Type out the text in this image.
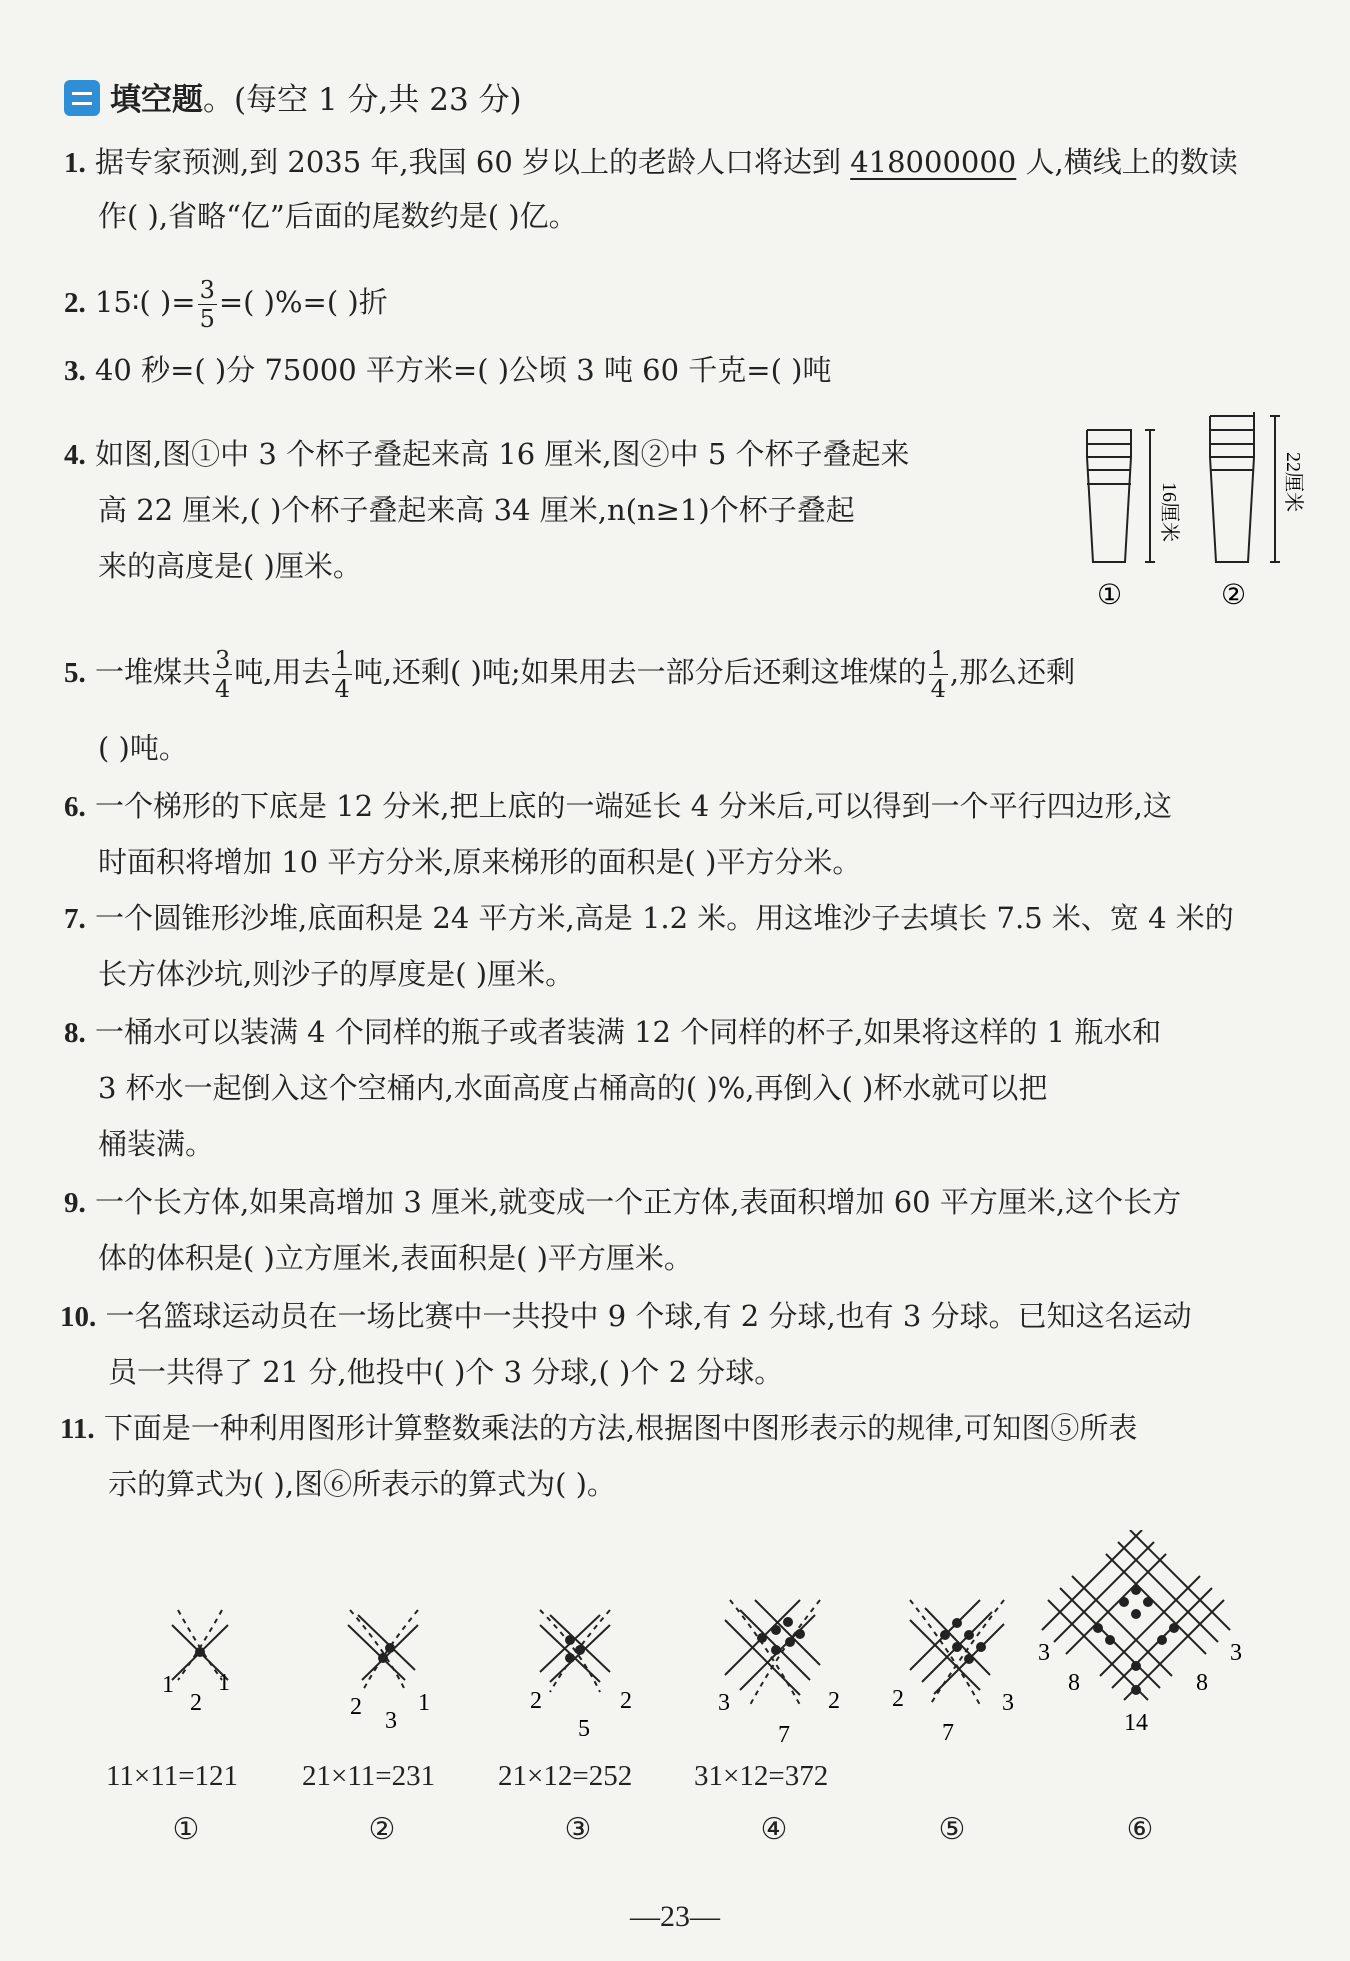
填空题。(每空 1 分,共 23 分)
1. 据专家预测,到 2035 年,我国 60 岁以上的老龄人口将达到 418000000 人,横线上的数读
作( ),省略“亿”后面的尾数约是( )亿。
2. 15∶( )= $\frac{3}{5}$ =( )%=( )折
3. 40 秒=( )分 75000 平方米=( )公顷 3 吨 60 千克=( )吨
4. 如图,图①中 3 个杯子叠起来高 16 厘米,图②中 5 个杯子叠起来
高 22 厘米,( )个杯子叠起来高 34 厘米,n(n≥1)个杯子叠起
来的高度是( )厘米。
16厘米	22厘米
①	②
5. 一堆煤共 $\frac{3}{4}$ 吨,用去 $\frac{1}{4}$ 吨,还剩( )吨;如果用去一部分后还剩这堆煤的 $\frac{1}{4}$ ,那么还剩
( )吨。
6. 一个梯形的下底是 12 分米,把上底的一端延长 4 分米后,可以得到一个平行四边形,这
时面积将增加 10 平方分米,原来梯形的面积是( )平方分米。
7. 一个圆锥形沙堆,底面积是 24 平方米,高是 1.2 米。用这堆沙子去填长 7.5 米、宽 4 米的
长方体沙坑,则沙子的厚度是( )厘米。
8. 一桶水可以装满 4 个同样的瓶子或者装满 12 个同样的杯子,如果将这样的 1 瓶水和
3 杯水一起倒入这个空桶内,水面高度占桶高的( )%,再倒入( )杯水就可以把
桶装满。
9. 一个长方体,如果高增加 3 厘米,就变成一个正方体,表面积增加 60 平方厘米,这个长方
体的体积是( )立方厘米,表面积是( )平方厘米。
10. 一名篮球运动员在一场比赛中一共投中 9 个球,有 2 分球,也有 3 分球。已知这名运动
员一共得了 21 分,他投中( )个 3 分球,( )个 2 分球。
11. 下面是一种利用图形计算整数乘法的方法,根据图中图形表示的规律,可知图⑤所表
示的算式为( ),图⑥所表示的算式为( )。
1 1
2	2 1
3
2	2
5
3	2
7
2	3
7
3	3
8	8
14
11×11=121 21×11=231 21×12=252 31×12=372
①	②	③	④	⑤	⑥
—23—
